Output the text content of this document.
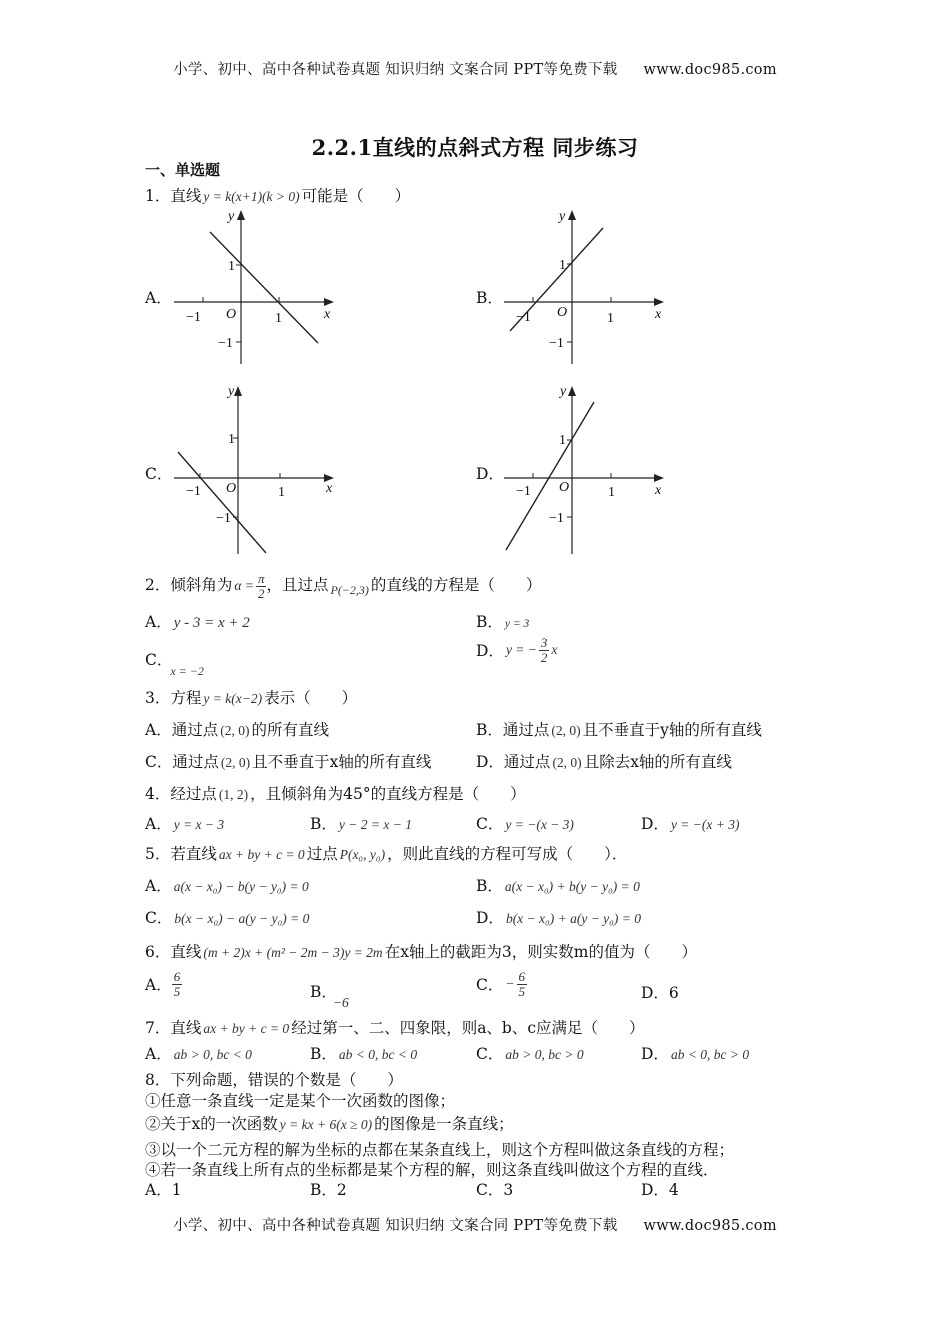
小学、初中、高中各种试卷真题 知识归纳 文案合同 PPT等免费下载 www.doc985.com
小学、初中、高中各种试卷真题 知识归纳 文案合同 PPT等免费下载 www.doc985.com
2.2.1直线的点斜式方程 同步练习
一、单选题
1．直线 y = k(x+1)(k > 0) 可能是（　　）
A．	B．
C．	D．
y
x
O
1
−1
−1	1
y
x
O
1
−1
−1	1
y
x
O
1
−1
−1	1
y
x
O
1
−1
−1	1
2．倾斜角为 $\alpha = \frac{\pi}{2}$ ，且过点 $_{P(-2,3)}$ 的直线的方程是（　　）
A． y - 3 = x + 2	B． y = 3
C．$_{x = -2}$
D． y = − $\frac{3}{2}$ x
3．方程 y = k(x−2) 表示（　　）
A．通过点 (2, 0) 的所有直线	B．通过点 (2, 0) 且不垂直于y轴的所有直线
C．通过点 (2, 0) 且不垂直于x轴的所有直线	D．通过点 (2, 0) 且除去x轴的所有直线
4．经过点 (1, 2) ，且倾斜角为45°的直线方程是（　　）
A． y = x − 3	B． y − 2 = x − 1	C． y = −(x − 3)	D． y = −(x + 3)
5．若直线 ax + by + c = 0 过点 P(x₀, y₀) ，则此直线的方程可写成（　　）．
A． a(x − x₀) − b(y − y₀) = 0	B． a(x − x₀) + b(y − y₀) = 0
C． b(x − x₀) − a(y − y₀) = 0	D． b(x − x₀) + a(y − y₀) = 0
6．直线 (m + 2)x + (m² − 2m − 3)y = 2m 在x轴上的截距为3，则实数m的值为（　　）
A． $\frac{6}{5}$	B．−6
C． − $\frac{6}{5}$	D．6
7．直线 ax + by + c = 0 经过第一、二、四象限，则a、b、c应满足（　　）
A． ab > 0, bc < 0	B． ab < 0, bc < 0	C． ab > 0, bc > 0	D． ab < 0, bc > 0
8．下列命题，错误的个数是（　　）
①任意一条直线一定是某个一次函数的图像；
②关于x的一次函数 y = kx + 6(x ≥ 0) 的图像是一条直线；
③以一个二元方程的解为坐标的点都在某条直线上，则这个方程叫做这条直线的方程；
④若一条直线上所有点的坐标都是某个方程的解，则这条直线叫做这个方程的直线．
A．1	B．2	C．3	D．4
